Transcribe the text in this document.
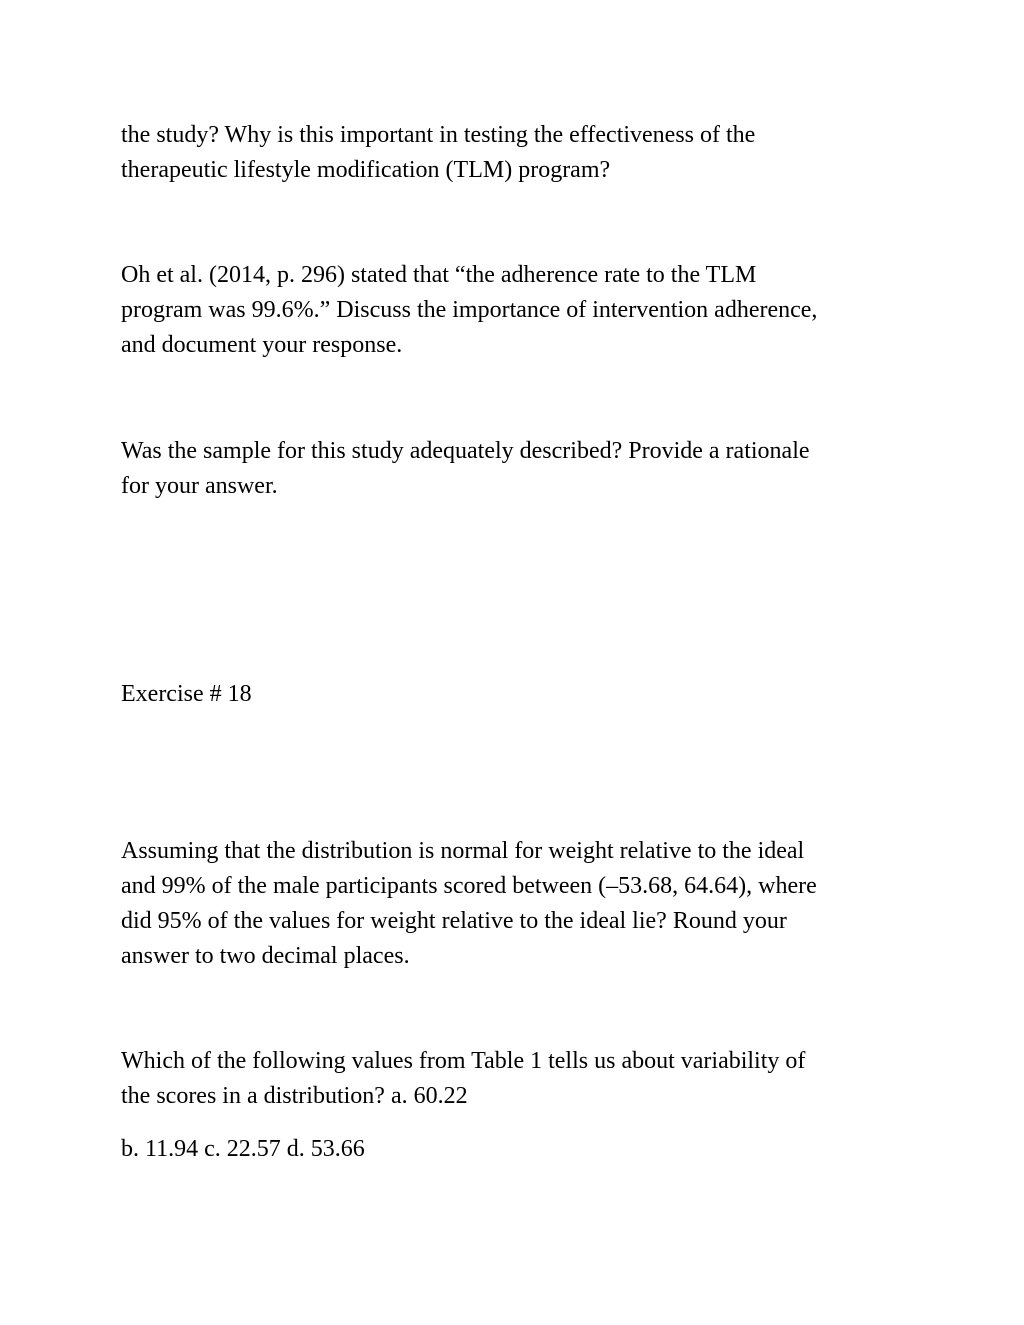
the study? Why is this important in testing the effectiveness of the
therapeutic lifestyle modification (TLM) program?

Oh et al. (2014, p. 296) stated that “the adherence rate to the TLM
program was 99.6%.” Discuss the importance of intervention adherence,
and document your response.

Was the sample for this study adequately described? Provide a rationale
for your answer.

Exercise # 18

Assuming that the distribution is normal for weight relative to the ideal
and 99% of the male participants scored between (–53.68, 64.64), where
did 95% of the values for weight relative to the ideal lie? Round your
answer to two decimal places.

Which of the following values from Table 1 tells us about variability of
the scores in a distribution? a. 60.22

b. 11.94 c. 22.57 d. 53.66
